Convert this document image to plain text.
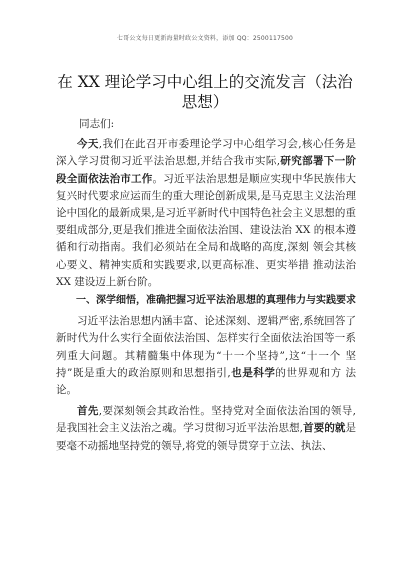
七哥公文每日更新海量时政公文资料，添加 QQ：2500117500
在 XX 理论学习中心组上的交流发言（法治思想）

同志们:

今天,我们在此召开市委理论学习中心组学习会,核心任务是深入学习贯彻习近平法治思想,并结合我市实际,研究部署下一阶段全面依法治市工作。习近平法治思想是顺应实现中华民族伟大复兴时代要求应运而生的重大理论创新成果,是马克思主义法治理论中国化的最新成果,是习近平新时代中国特色社会主义思想的重要组成部分,更是我们推进全面依法治国、建设法治 XX 的根本遵循和行动指南。我们必须站在全局和战略的高度,深刻 领会其核心要义、精神实质和实践要求,以更高标准、更实举措 推动法治 XX 建设迈上新台阶。

一、深学细悟，准确把握习近平法治思想的真理伟力与实践要求

习近平法治思想内涵丰富、论述深刻、逻辑严密,系统回答了新时代为什么实行全面依法治国、怎样实行全面依法治国等一系列重大问题。其精髓集中体现为“十一个坚持”,这“十一个 坚持”既是重大的政治原则和思想指引,也是科学的世界观和方 法论。

首先,要深刻领会其政治性。坚持党对全面依法治国的领导,是我国社会主义法治之魂。学习贯彻习近平法治思想,首要的就是要毫不动摇地坚持党的领导,将党的领导贯穿于立法、执法、
